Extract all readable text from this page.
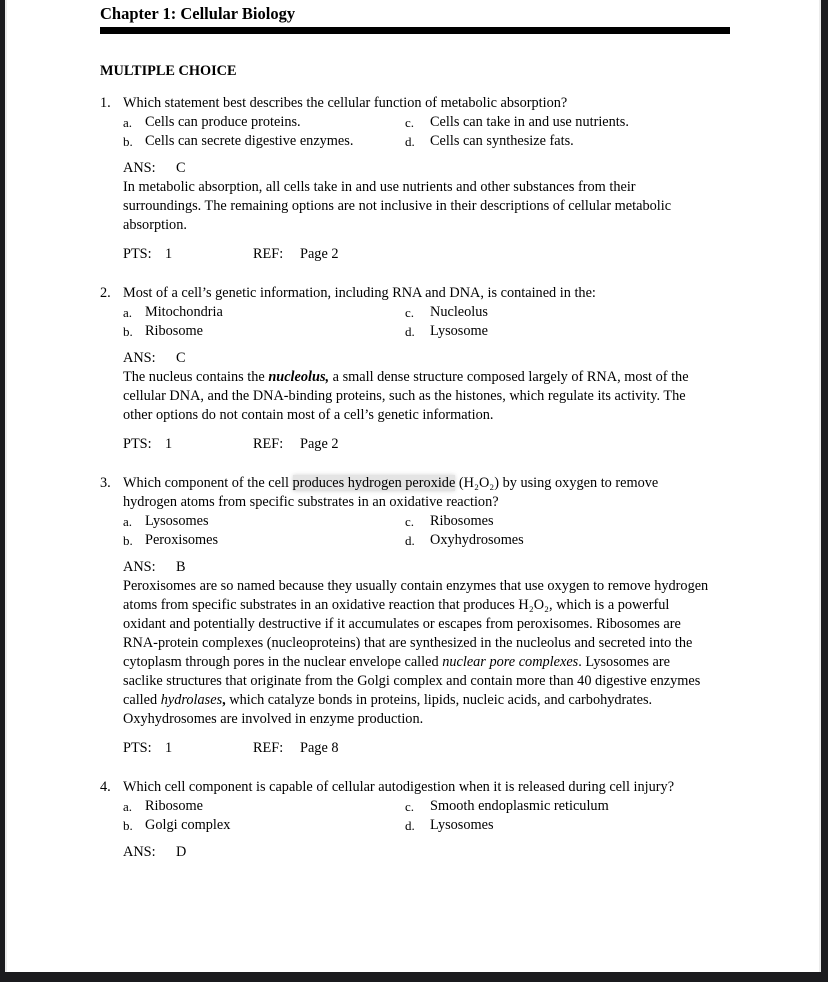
Chapter 1: Cellular Biology
MULTIPLE CHOICE
1. Which statement best describes the cellular function of metabolic absorption?
a. Cells can produce proteins.	c.	Cells can take in and use nutrients.
b. Cells can secrete digestive enzymes.	d.	Cells can synthesize fats.
ANS: C
In metabolic absorption, all cells take in and use nutrients and other substances from their surroundings. The remaining options are not inclusive in their descriptions of cellular metabolic absorption.
PTS: 1	REF: Page 2
2. Most of a cell’s genetic information, including RNA and DNA, is contained in the:
a. Mitochondria	c.	Nucleolus
b. Ribosome	d.	Lysosome
ANS: C
The nucleus contains the nucleolus, a small dense structure composed largely of RNA, most of the cellular DNA, and the DNA-binding proteins, such as the histones, which regulate its activity. The other options do not contain most of a cell’s genetic information.
PTS: 1	REF: Page 2
3. Which component of the cell produces hydrogen peroxide (H₂O₂) by using oxygen to remove hydrogen atoms from specific substrates in an oxidative reaction?
a. Lysosomes	c.	Ribosomes
b. Peroxisomes	d.	Oxyhydrosomes
ANS: B
Peroxisomes are so named because they usually contain enzymes that use oxygen to remove hydrogen atoms from specific substrates in an oxidative reaction that produces H₂O₂, which is a powerful oxidant and potentially destructive if it accumulates or escapes from peroxisomes. Ribosomes are RNA-protein complexes (nucleoproteins) that are synthesized in the nucleolus and secreted into the cytoplasm through pores in the nuclear envelope called nuclear pore complexes. Lysosomes are saclike structures that originate from the Golgi complex and contain more than 40 digestive enzymes called hydrolases, which catalyze bonds in proteins, lipids, nucleic acids, and carbohydrates. Oxyhydrosomes are involved in enzyme production.
PTS: 1	REF: Page 8
4. Which cell component is capable of cellular autodigestion when it is released during cell injury?
a. Ribosome	c.	Smooth endoplasmic reticulum
b. Golgi complex	d.	Lysosomes
ANS: D
